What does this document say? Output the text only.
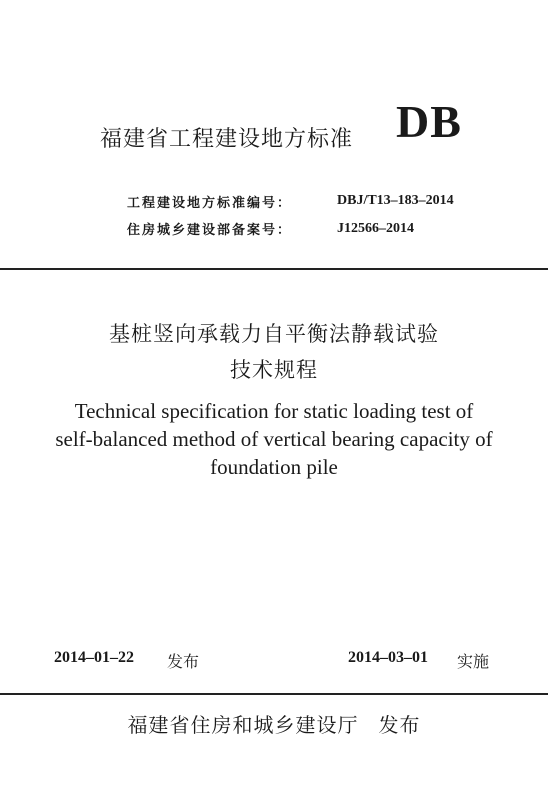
福建省工程建设地方标准 DB
工程建设地方标准编号：	DBJ/T13–183–2014
住房城乡建设部备案号：	J12566–2014
基桩竖向承载力自平衡法静载试验
技术规程
Technical specification for static loading test of
self-balanced method of vertical bearing capacity of
foundation pile
2014–01–22 发布	2014–03–01 实施
福建省住房和城乡建设厅 发布
